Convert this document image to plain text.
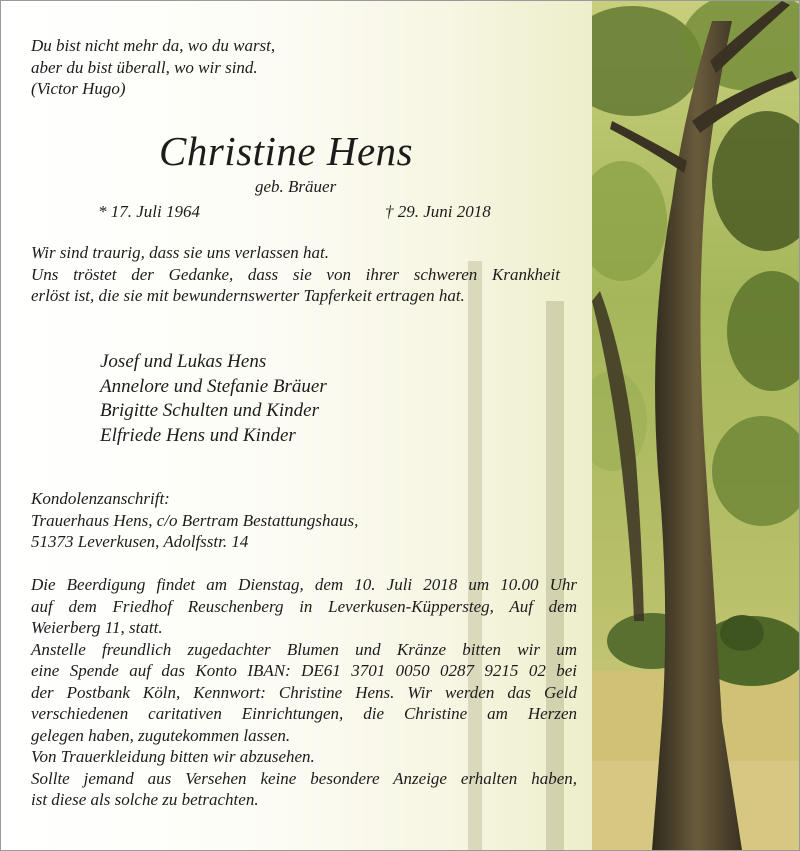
Du bist nicht mehr da, wo du warst,
aber du bist überall, wo wir sind.
(Victor Hugo)
Christine Hens
geb. Bräuer
* 17. Juli 1964	† 29. Juni 2018
Wir sind traurig, dass sie uns verlassen hat.
Uns tröstet der Gedanke, dass sie von ihrer schweren Krankheit
erlöst ist, die sie mit bewundernswerter Tapferkeit ertragen hat.
Josef und Lukas Hens
Annelore und Stefanie Bräuer
Brigitte Schulten und Kinder
Elfriede Hens und Kinder
Kondolenzanschrift:
Trauerhaus Hens, c/o Bertram Bestattungshaus,
51373 Leverkusen, Adolfsstr. 14
Die Beerdigung findet am Dienstag, dem 10. Juli 2018 um 10.00 Uhr
auf dem Friedhof Reuschenberg in Leverkusen-Küppersteg, Auf dem
Weierberg 11, statt.
Anstelle freundlich zugedachter Blumen und Kränze bitten wir um
eine Spende auf das Konto IBAN: DE61 3701 0050 0287 9215 02 bei
der Postbank Köln, Kennwort: Christine Hens. Wir werden das Geld
verschiedenen caritativen Einrichtungen, die Christine am Herzen
gelegen haben, zugutekommen lassen.
Von Trauerkleidung bitten wir abzusehen.
Sollte jemand aus Versehen keine besondere Anzeige erhalten haben,
ist diese als solche zu betrachten.
